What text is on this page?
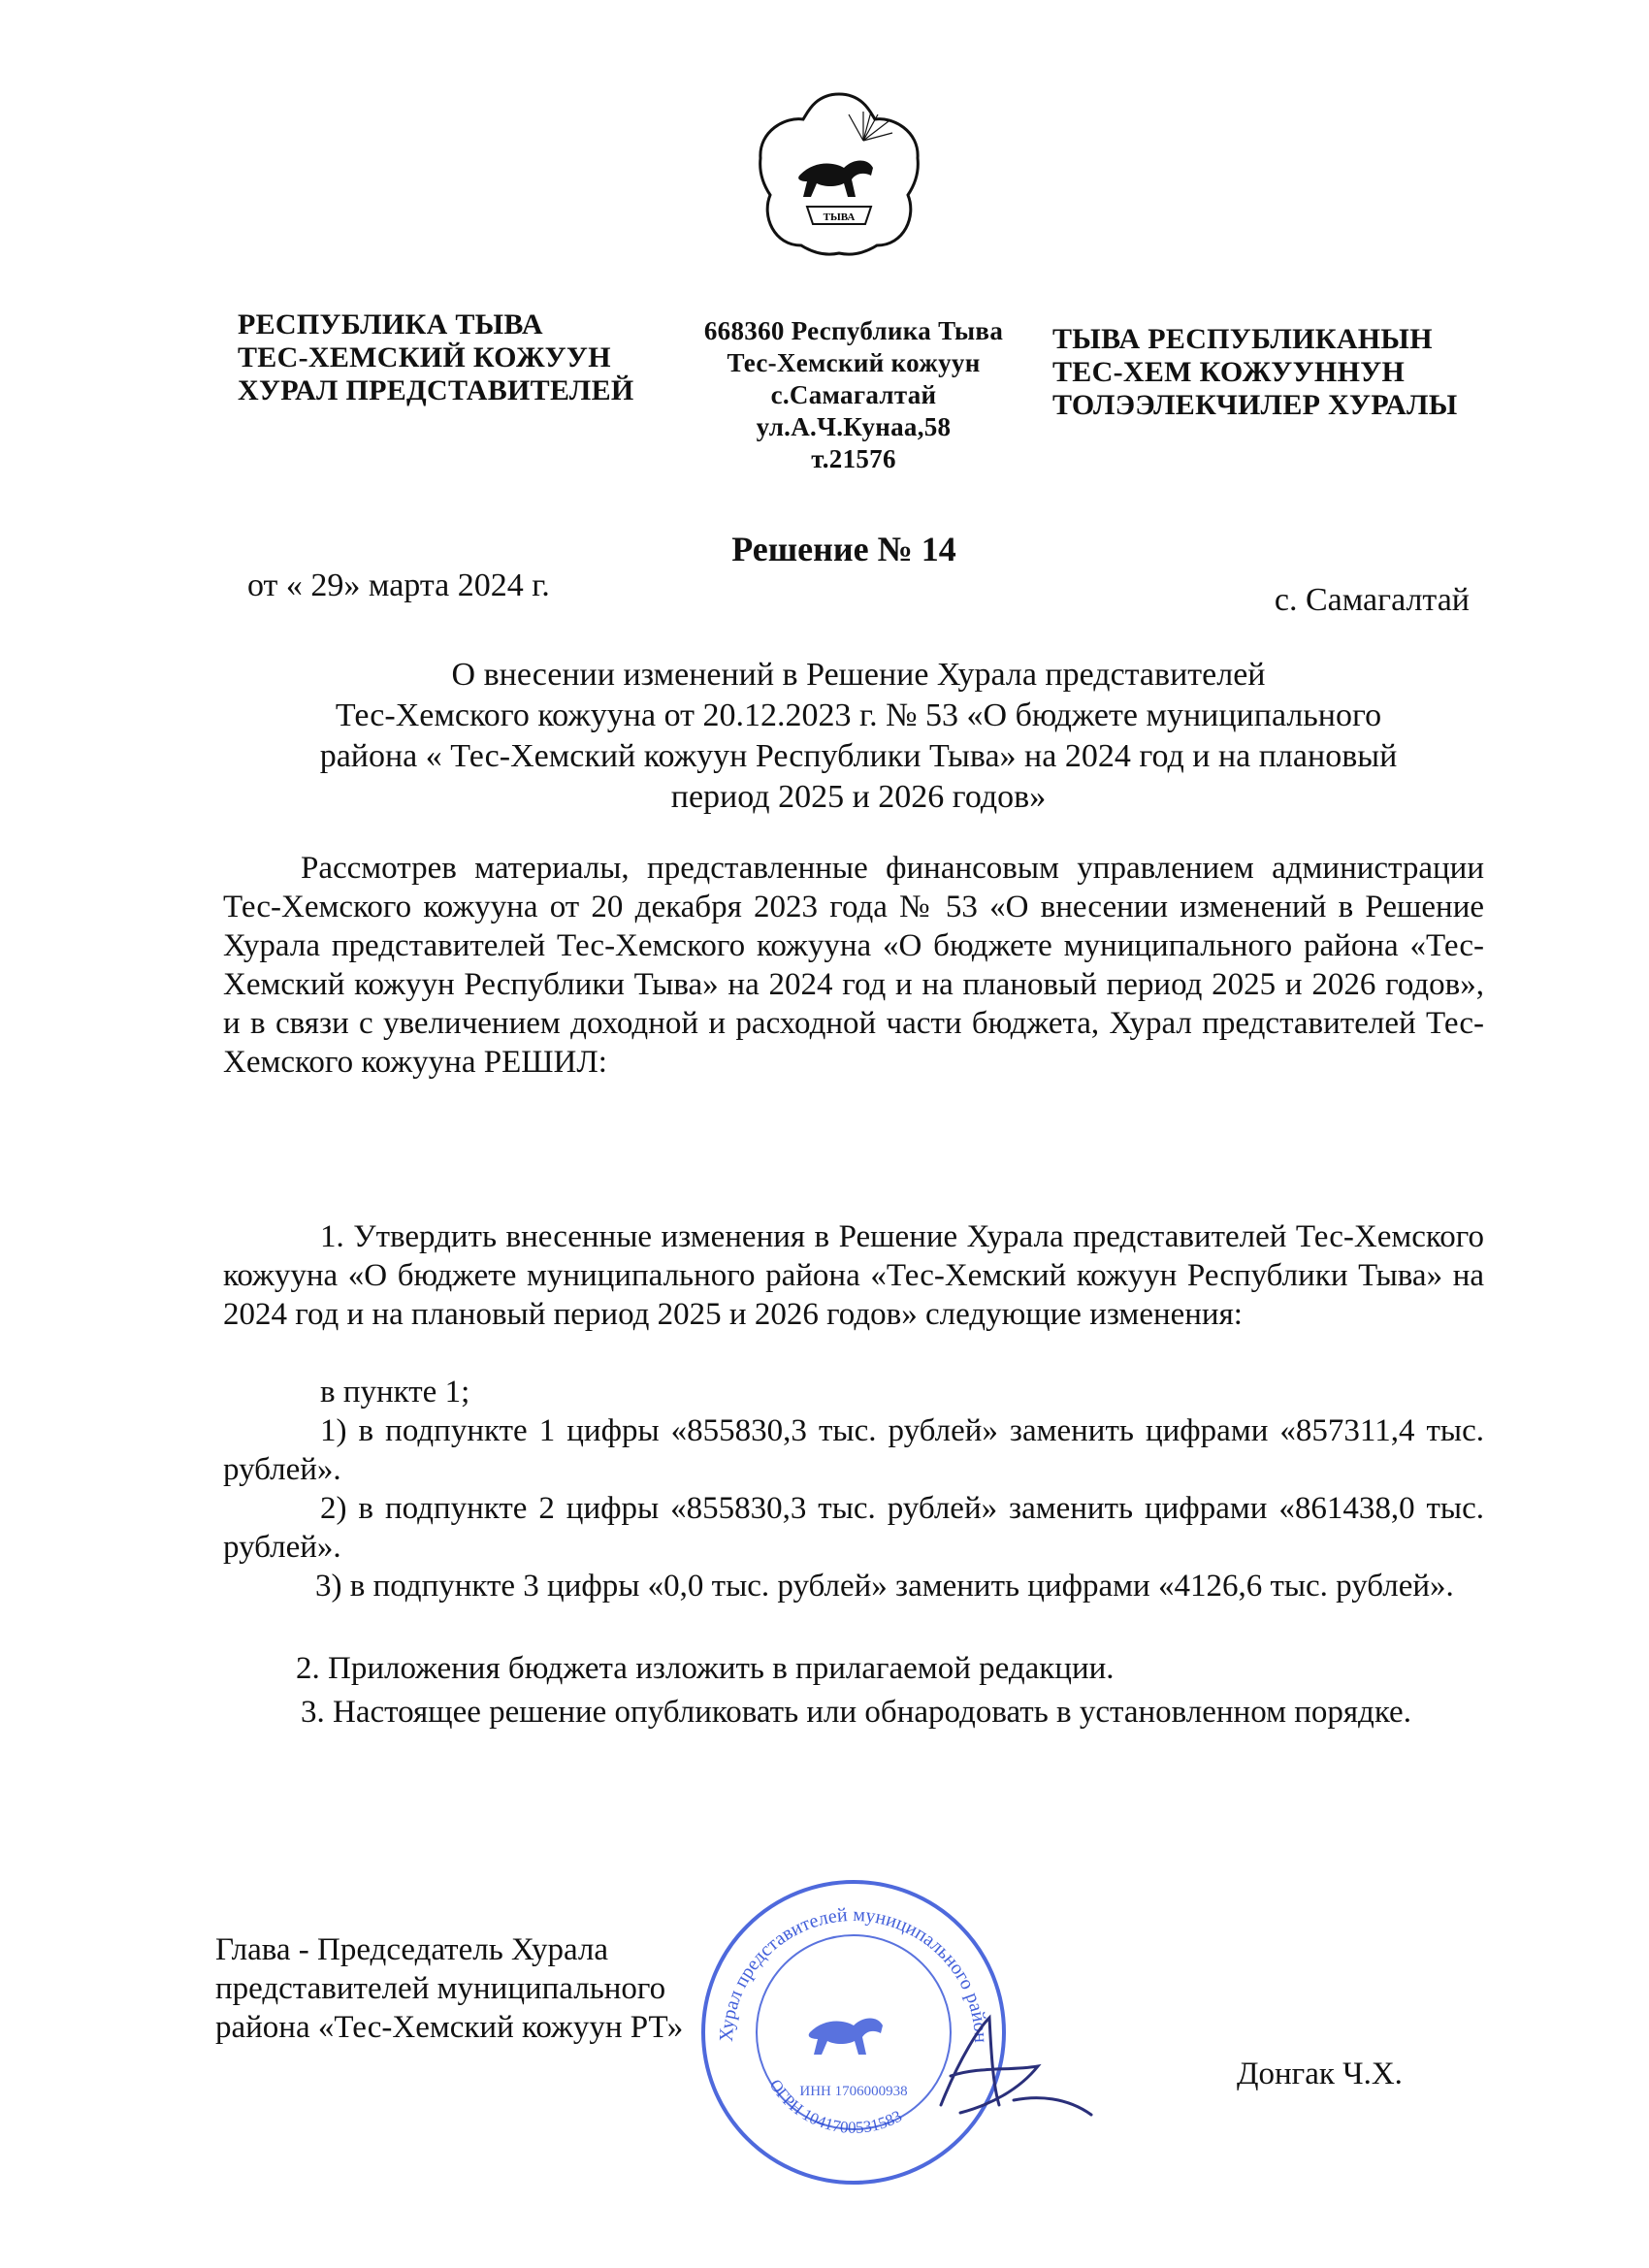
ТЫВА
РЕСПУБЛИКА ТЫВА
ТЕС-ХЕМСКИЙ КОЖУУН
ХУРАЛ ПРЕДСТАВИТЕЛЕЙ
668360 Республика Тыва
Тес-Хемский кожуун
с.Самагалтай
ул.А.Ч.Кунаа,58
т.21576
ТЫВА РЕСПУБЛИКАНЫН
ТЕС-ХЕМ КОЖУУННУН
ТОЛЭЭЛЕКЧИЛЕР ХУРАЛЫ
Решение № 14
от « 29» марта 2024 г.	с. Самагалтай
О внесении изменений в Решение Хурала представителей
Тес-Хемского кожууна от 20.12.2023 г. № 53 «О бюджете муниципального
района « Тес-Хемский кожуун Республики Тыва» на 2024 год и на плановый
период 2025 и 2026 годов»
Рассмотрев материалы, представленные финансовым управлением администрации Тес-Хемского кожууна от 20 декабря 2023 года № 53 «О внесении изменений в Решение Хурала представителей Тес-Хемского кожууна «О бюджете муниципального района «Тес-Хемский кожуун Республики Тыва» на 2024 год и на плановый период 2025 и 2026 годов», и в связи с увеличением доходной и расходной части бюджета, Хурал представителей Тес-Хемского кожууна РЕШИЛ:
1. Утвердить внесенные изменения в Решение Хурала представителей Тес-Хемского кожууна «О бюджете муниципального района «Тес-Хемский кожуун Республики Тыва» на 2024 год и на плановый период 2025 и 2026 годов» следующие изменения:
в пункте 1;
1) в подпункте 1 цифры «855830,3 тыс. рублей» заменить цифрами «857311,4 тыс. рублей».
2) в подпункте 2 цифры «855830,3 тыс. рублей» заменить цифрами «861438,0 тыс. рублей».
3) в подпункте 3 цифры «0,0 тыс. рублей» заменить цифрами «4126,6 тыс. рублей».
2. Приложения бюджета изложить в прилагаемой редакции.
3. Настоящее решение опубликовать или обнародовать в установленном порядке.
Хурал представителей муниципального район
ОГРН 1041700531583
ИНН 1706000938
Глава - Председатель Хурала
представителей муниципального
района «Тес-Хемский кожуун РТ»
Донгак Ч.Х.
